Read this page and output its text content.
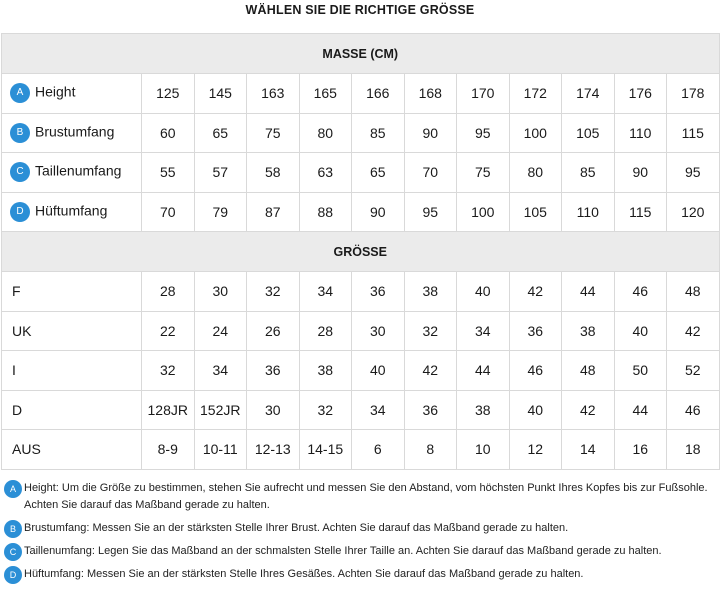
WÄHLEN SIE DIE RICHTIGE GRÖSSE
MASSE (CM)											
A Height	125	145	163	165	166	168	170	172	174	176	178
B Brustumfang	60	65	75	80	85	90	95	100	105	110	115
C Taillenumfang	55	57	58	63	65	70	75	80	85	90	95
D Hüftumfang	70	79	87	88	90	95	100	105	110	115	120
GRÖSSE											
F	28	30	32	34	36	38	40	42	44	46	48
UK	22	24	26	28	30	32	34	36	38	40	42
I	32	34	36	38	40	42	44	46	48	50	52
D	128JR	152JR	30	32	34	36	38	40	42	44	46
AUS	8-9	10-11	12-13	14-15	6	8	10	12	14	16	18
A Height: Um die Größe zu bestimmen, stehen Sie aufrecht und messen Sie den Abstand, vom höchsten Punkt Ihres Kopfes bis zur Fußsohle. Achten Sie darauf das Maßband gerade zu halten.
B Brustumfang: Messen Sie an der stärksten Stelle Ihrer Brust. Achten Sie darauf das Maßband gerade zu halten.
C Taillenumfang: Legen Sie das Maßband an der schmalsten Stelle Ihrer Taille an. Achten Sie darauf das Maßband gerade zu halten.
D Hüftumfang: Messen Sie an der stärksten Stelle Ihres Gesäßes. Achten Sie darauf das Maßband gerade zu halten.
